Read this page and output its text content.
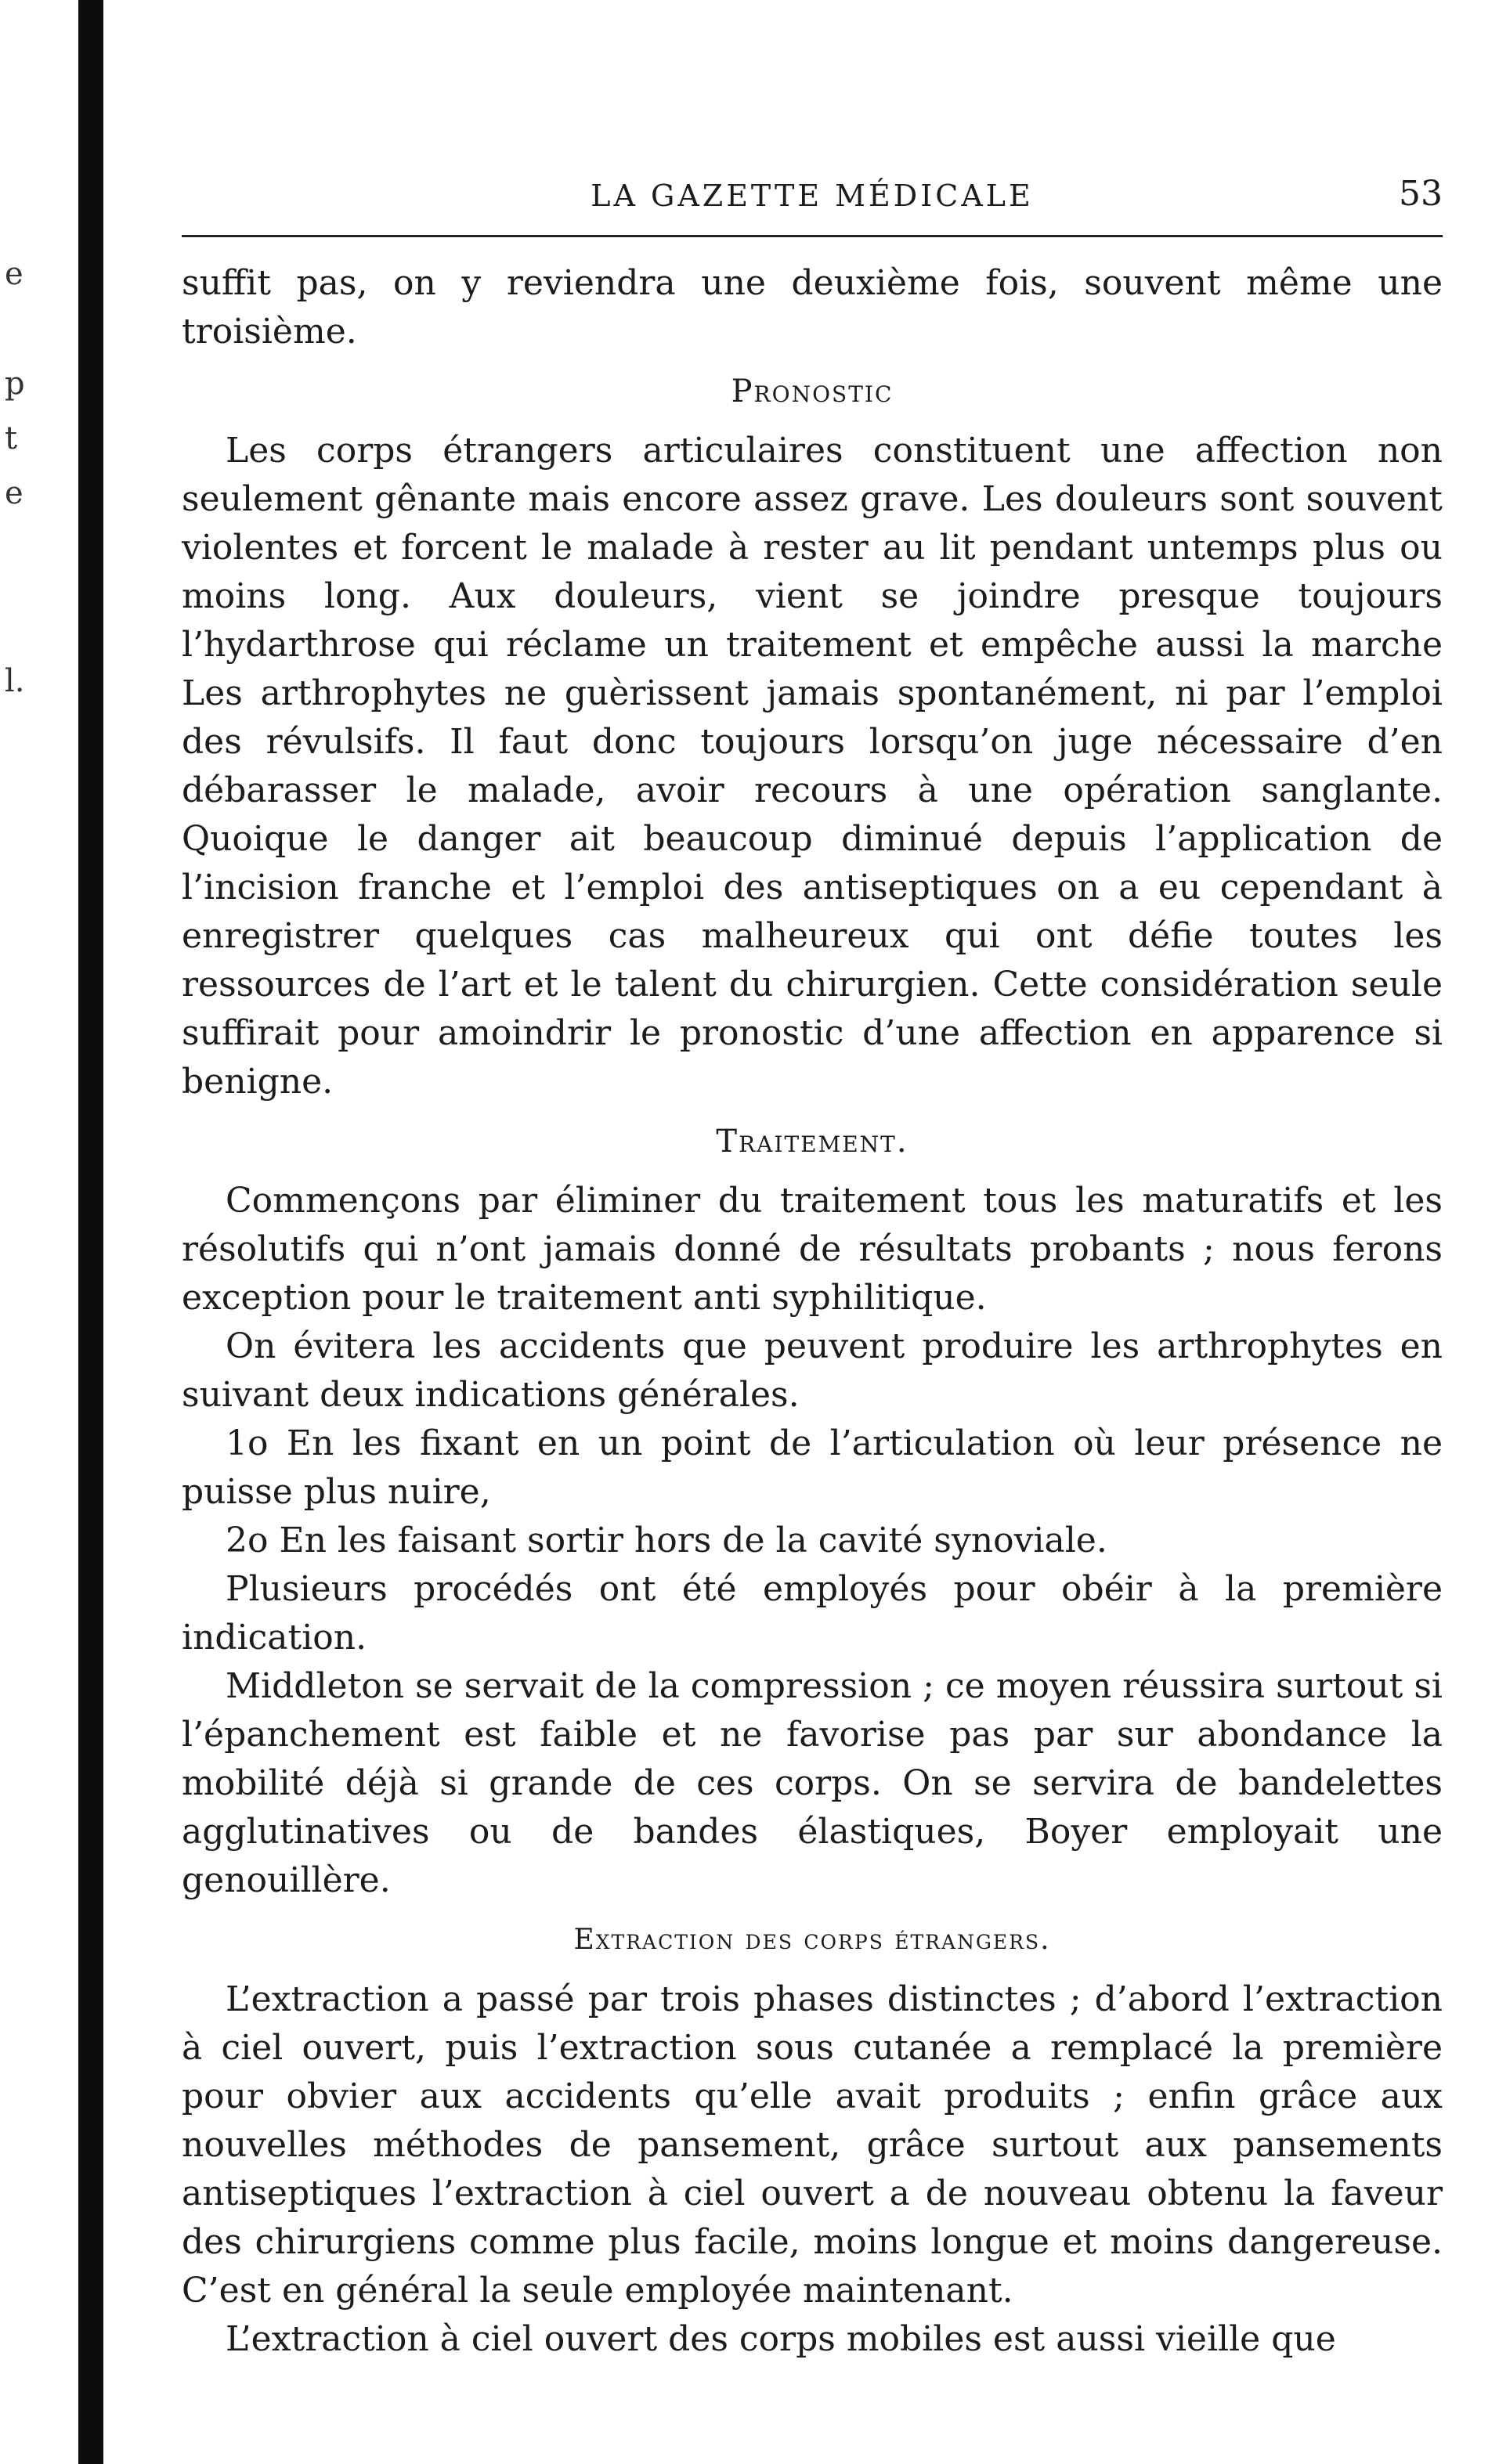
e
p
t
e
l.
LA GAZETTE MÉDICALE	53

suffit pas, on y reviendra une deuxième fois, souvent même une troisième.

Pronostic

Les corps étrangers articulaires constituent une affection non seulement gênante mais encore assez grave. Les douleurs sont souvent violentes et forcent le malade à rester au lit pendant untemps plus ou moins long. Aux douleurs, vient se joindre presque toujours l’hydarthrose qui réclame un traitement et empêche aussi la marche Les arthrophytes ne guèrissent jamais spontanément, ni par l’emploi des révulsifs. Il faut donc toujours lorsqu’on juge nécessaire d’en débarasser le malade, avoir recours à une opération sanglante. Quoique le danger ait beaucoup diminué depuis l’application de l’incision franche et l’emploi des antiseptiques on a eu cependant à enregistrer quelques cas malheureux qui ont défie toutes les ressources de l’art et le talent du chirurgien. Cette considération seule suffirait pour amoindrir le pronostic d’une affection en apparence si benigne.

Traitement.

Commençons par éliminer du traitement tous les maturatifs et les résolutifs qui n’ont jamais donné de résultats probants ; nous ferons exception pour le traitement anti syphilitique.

On évitera les accidents que peuvent produire les arthrophytes en suivant deux indications générales.

1o En les fixant en un point de l’articulation où leur présence ne puisse plus nuire,

2o En les faisant sortir hors de la cavité synoviale.

Plusieurs procédés ont été employés pour obéir à la première indication.

Middleton se servait de la compression ; ce moyen réussira surtout si l’épanchement est faible et ne favorise pas par sur abondance la mobilité déjà si grande de ces corps. On se servira de bandelettes agglutinatives ou de bandes élastiques, Boyer employait une genouillère.

Extraction des corps étrangers.

L’extraction a passé par trois phases distinctes ; d’abord l’extraction à ciel ouvert, puis l’extraction sous cutanée a remplacé la première pour obvier aux accidents qu’elle avait produits ; enfin grâce aux nouvelles méthodes de pansement, grâce surtout aux pansements antiseptiques l’extraction à ciel ouvert a de nouveau obtenu la faveur des chirurgiens comme plus facile, moins longue et moins dangereuse. C’est en général la seule employée maintenant.

L’extraction à ciel ouvert des corps mobiles est aussi vieille que
